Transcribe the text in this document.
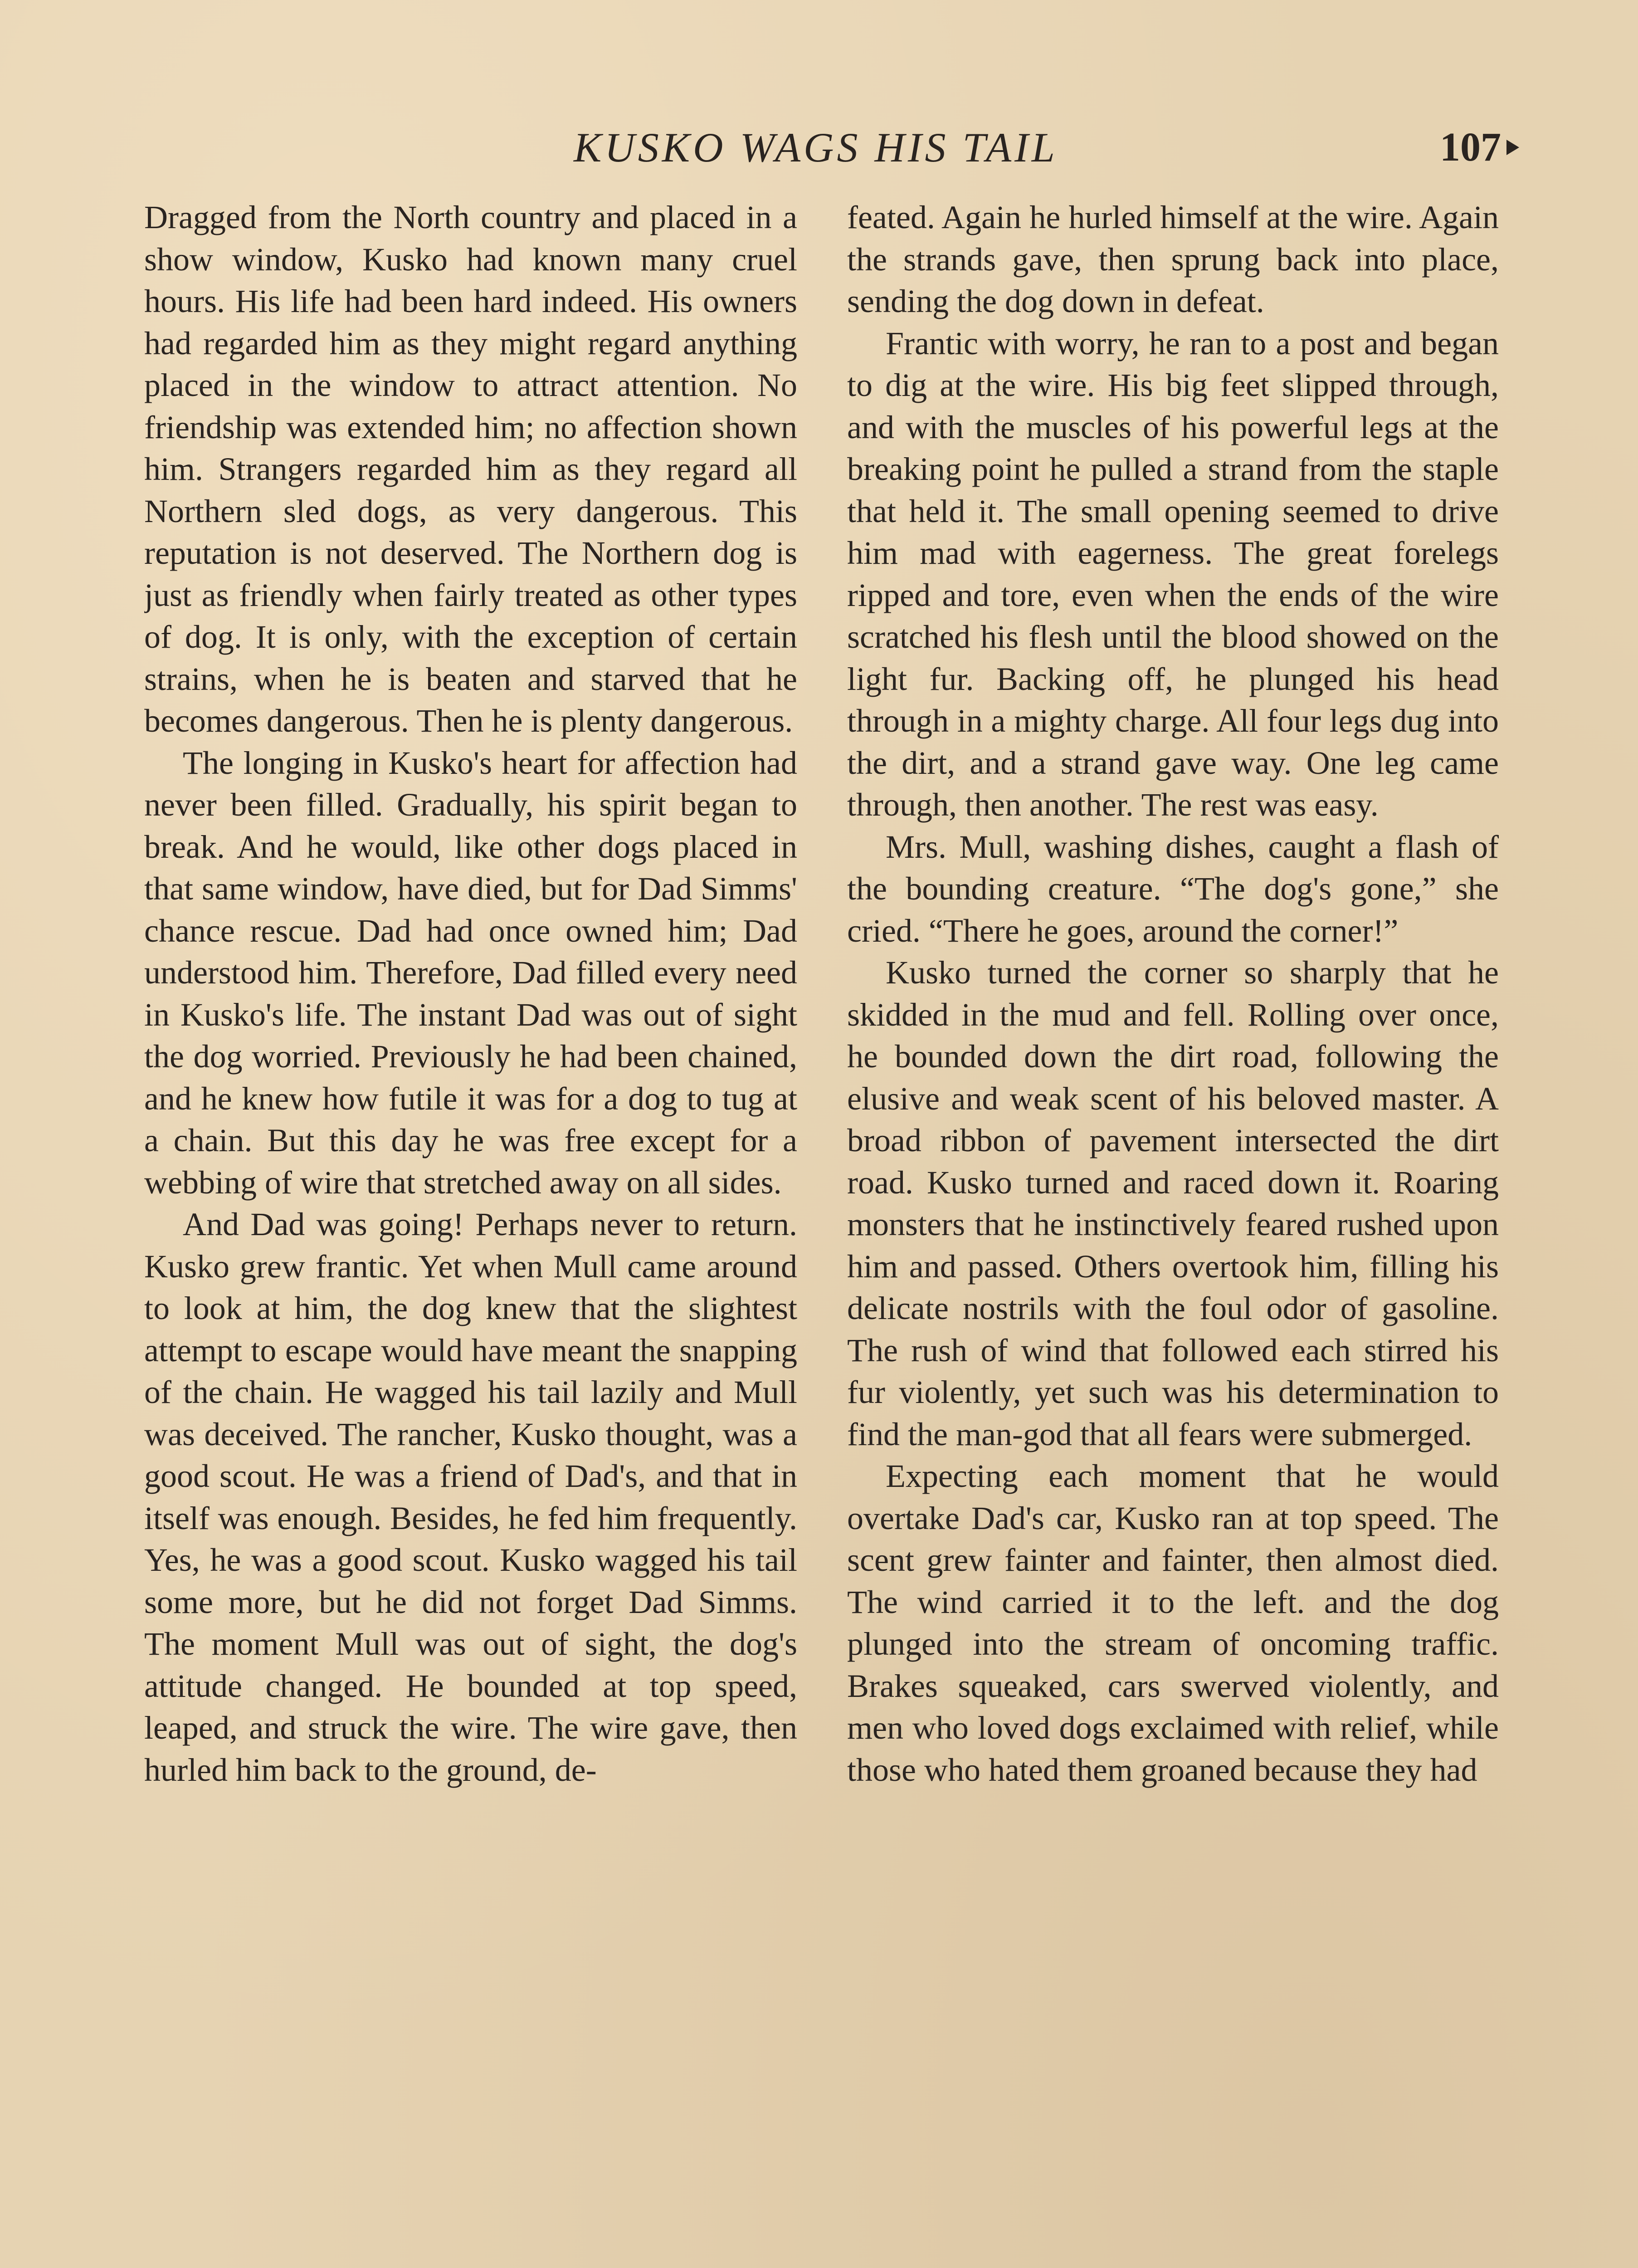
KUSKO WAGS HIS TAIL	107

Dragged from the North country and placed in a show window, Kusko had known many cruel hours. His life had been hard indeed. His owners had regarded him as they might regard anything placed in the window to attract attention. No friendship was extended him; no affection shown him. Strangers regarded him as they regard all Northern sled dogs, as very dangerous. This reputation is not deserved. The Northern dog is just as friendly when fairly treated as other types of dog. It is only, with the exception of certain strains, when he is beaten and starved that he becomes dangerous. Then he is plenty dangerous.

The longing in Kusko's heart for affection had never been filled. Gradually, his spirit began to break. And he would, like other dogs placed in that same window, have died, but for Dad Simms' chance rescue. Dad had once owned him; Dad understood him. Therefore, Dad filled every need in Kusko's life. The instant Dad was out of sight the dog worried. Previously he had been chained, and he knew how futile it was for a dog to tug at a chain. But this day he was free except for a webbing of wire that stretched away on all sides.

And Dad was going! Perhaps never to return. Kusko grew frantic. Yet when Mull came around to look at him, the dog knew that the slightest attempt to escape would have meant the snapping of the chain. He wagged his tail lazily and Mull was deceived. The rancher, Kusko thought, was a good scout. He was a friend of Dad's, and that in itself was enough. Besides, he fed him frequently. Yes, he was a good scout. Kusko wagged his tail some more, but he did not forget Dad Simms. The moment Mull was out of sight, the dog's attitude changed. He bounded at top speed, leaped, and struck the wire. The wire gave, then hurled him back to the ground, de-

feated. Again he hurled himself at the wire. Again the strands gave, then sprung back into place, sending the dog down in defeat.

Frantic with worry, he ran to a post and began to dig at the wire. His big feet slipped through, and with the muscles of his powerful legs at the breaking point he pulled a strand from the staple that held it. The small opening seemed to drive him mad with eagerness. The great forelegs ripped and tore, even when the ends of the wire scratched his flesh until the blood showed on the light fur. Backing off, he plunged his head through in a mighty charge. All four legs dug into the dirt, and a strand gave way. One leg came through, then another. The rest was easy.

Mrs. Mull, washing dishes, caught a flash of the bounding creature. “The dog's gone,” she cried. “There he goes, around the corner!”

Kusko turned the corner so sharply that he skidded in the mud and fell. Rolling over once, he bounded down the dirt road, following the elusive and weak scent of his beloved master. A broad ribbon of pavement intersected the dirt road. Kusko turned and raced down it. Roaring monsters that he instinctively feared rushed upon him and passed. Others overtook him, filling his delicate nostrils with the foul odor of gasoline. The rush of wind that followed each stirred his fur violently, yet such was his determination to find the man-god that all fears were submerged.

Expecting each moment that he would overtake Dad's car, Kusko ran at top speed. The scent grew fainter and fainter, then almost died. The wind carried it to the left. and the dog plunged into the stream of oncoming traffic. Brakes squeaked, cars swerved violently, and men who loved dogs exclaimed with relief, while those who hated them groaned because they had
